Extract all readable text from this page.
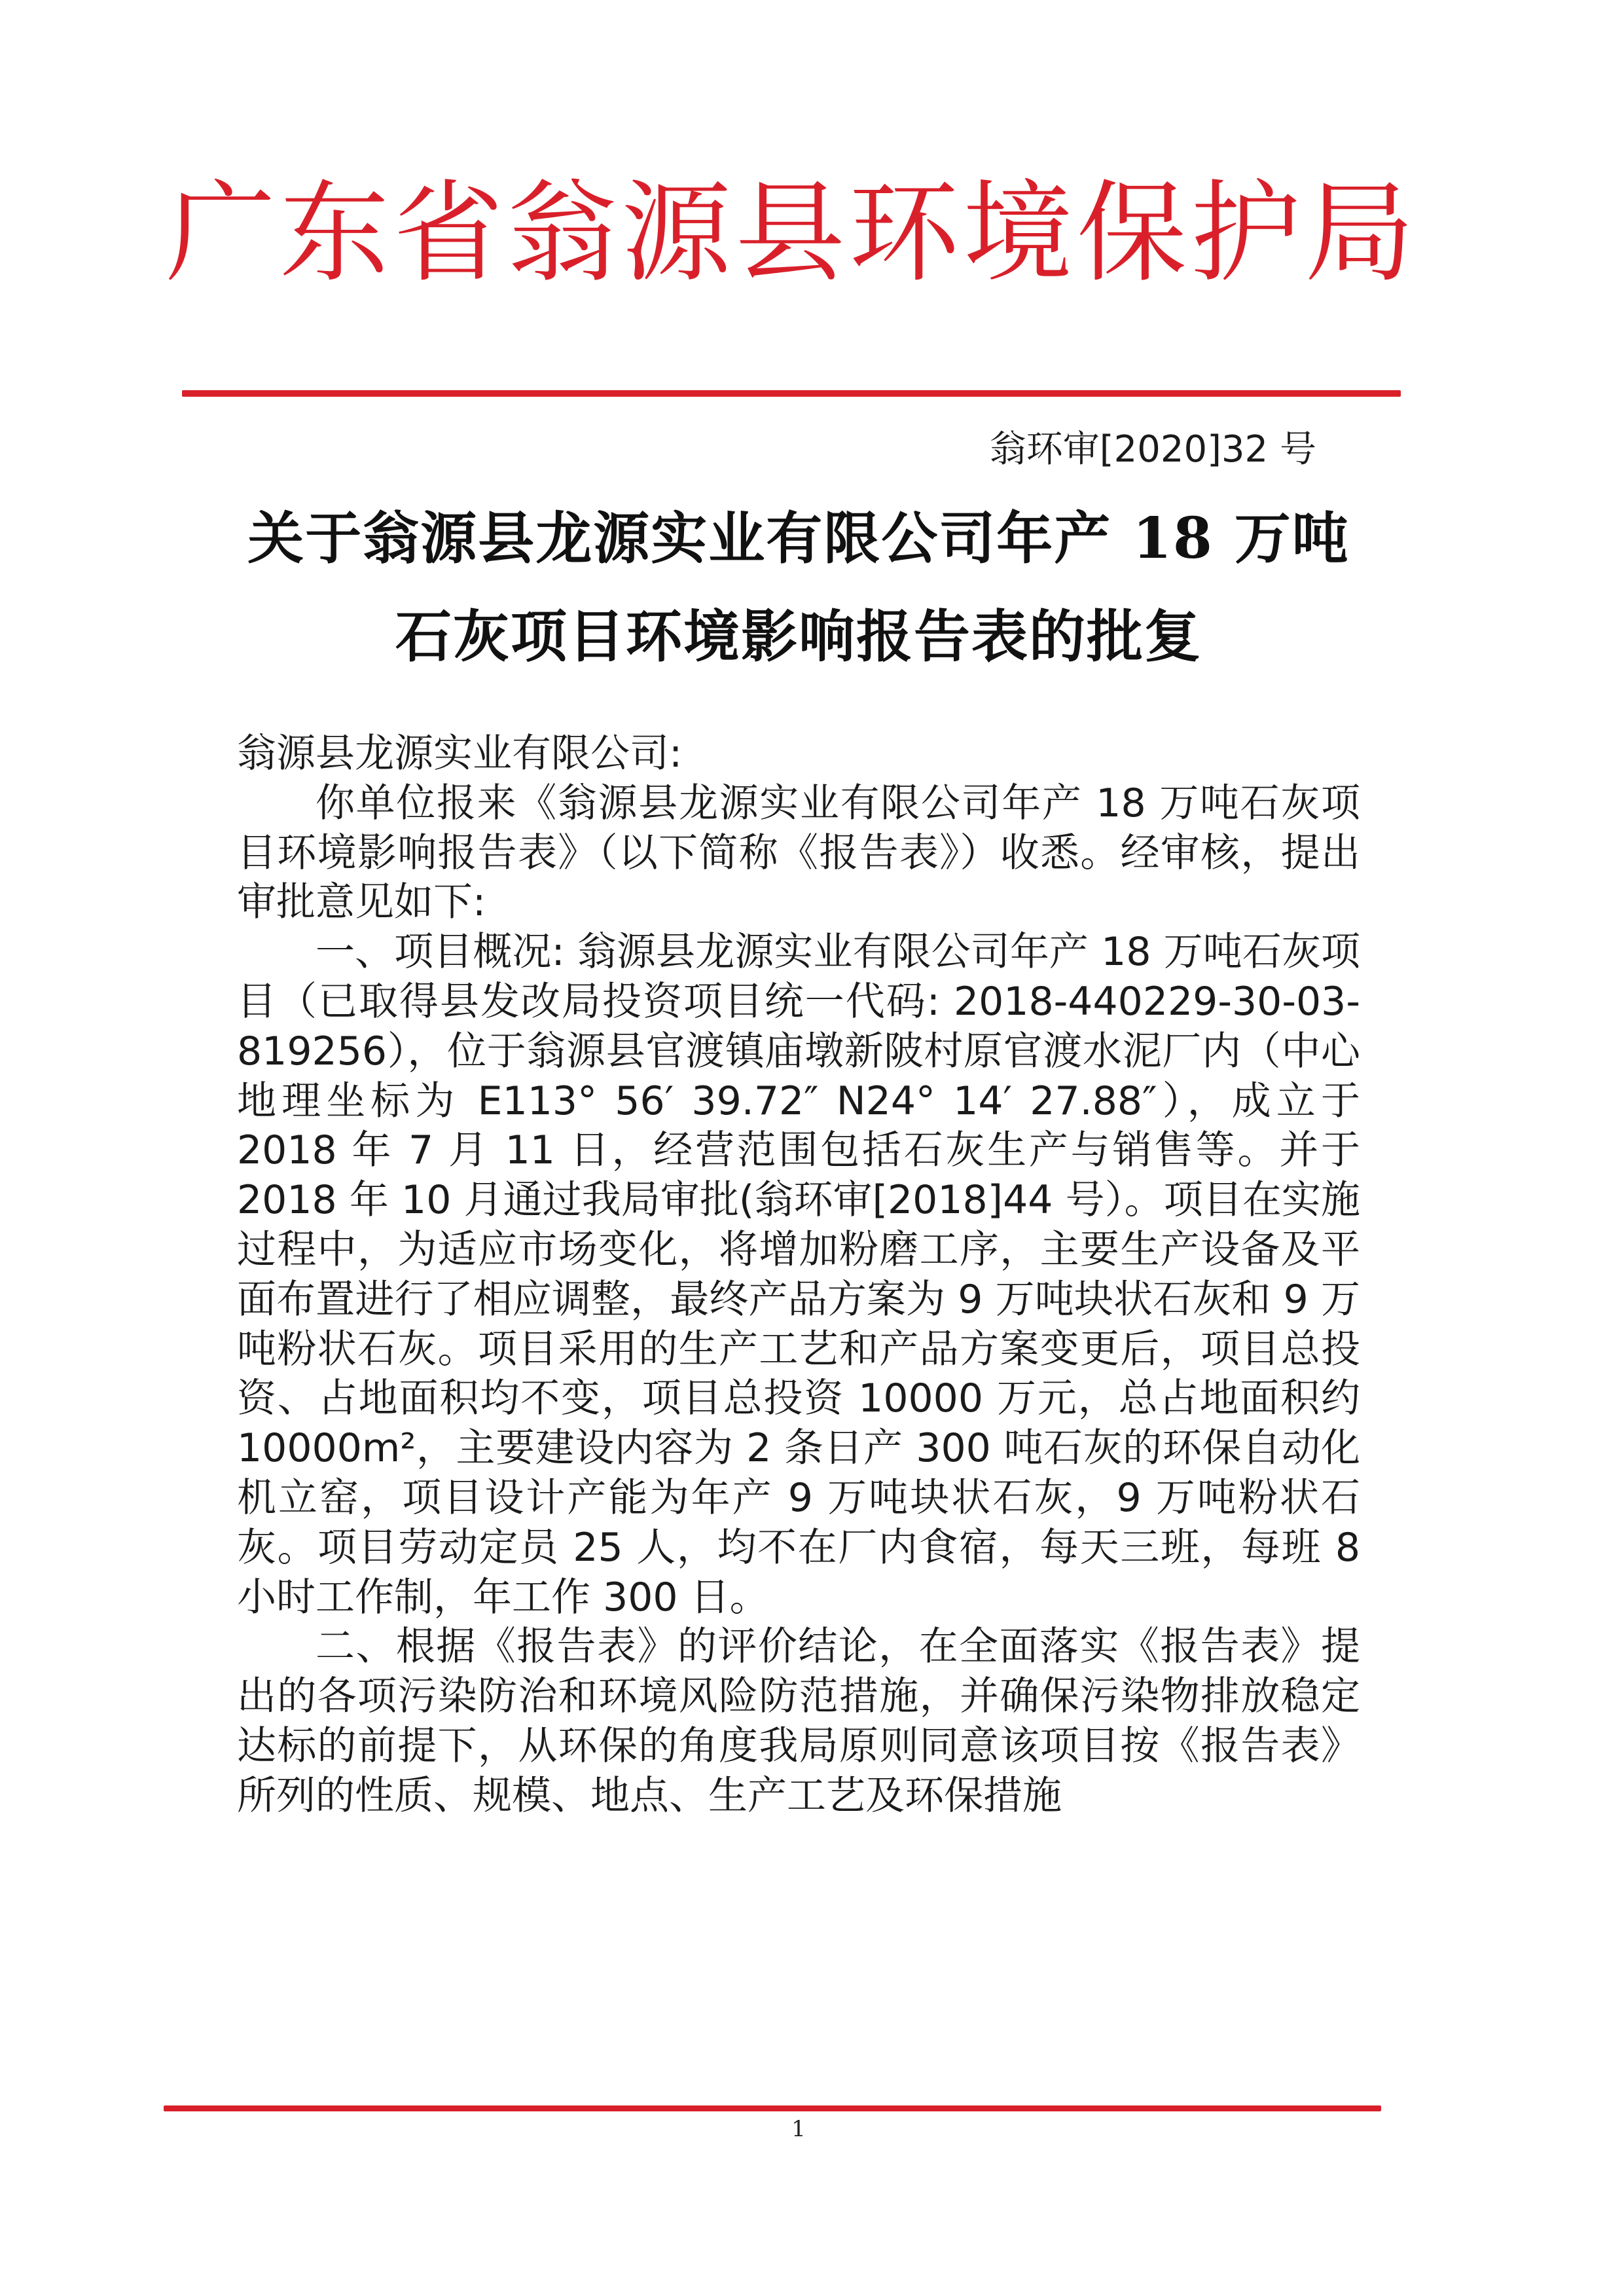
广东省翁源县环境保护局
翁环审[2020]32 号
关于翁源县龙源实业有限公司年产 18 万吨
石灰项目环境影响报告表的批复

翁源县龙源实业有限公司:

你单位报来《翁源县龙源实业有限公司年产 18 万吨石灰项目环境影响报告表》（以下简称《报告表》）收悉。经审核，提出审批意见如下:

一、项目概况: 翁源县龙源实业有限公司年产 18 万吨石灰项目（已取得县发改局投资项目统一代码: 2018-440229-30-03-819256），位于翁源县官渡镇庙墩新陂村原官渡水泥厂内（中心地理坐标为 E113° 56′ 39.72″ N24° 14′ 27.88″），成立于 2018 年 7 月 11 日，经营范围包括石灰生产与销售等。并于 2018 年 10 月通过我局审批(翁环审[2018]44 号）。项目在实施过程中，为适应市场变化，将增加粉磨工序，主要生产设备及平面布置进行了相应调整，最终产品方案为 9 万吨块状石灰和 9 万吨粉状石灰。项目采用的生产工艺和产品方案变更后，项目总投资、占地面积均不变，项目总投资 10000 万元，总占地面积约 10000m²，主要建设内容为 2 条日产 300 吨石灰的环保自动化机立窑，项目设计产能为年产 9 万吨块状石灰，9 万吨粉状石灰。项目劳动定员 25 人，均不在厂内食宿，每天三班，每班 8 小时工作制，年工作 300 日。

二、根据《报告表》的评价结论，在全面落实《报告表》提出的各项污染防治和环境风险防范措施，并确保污染物排放稳定达标的前提下，从环保的角度我局原则同意该项目按《报告表》所列的性质、规模、地点、生产工艺及环保措施

1
